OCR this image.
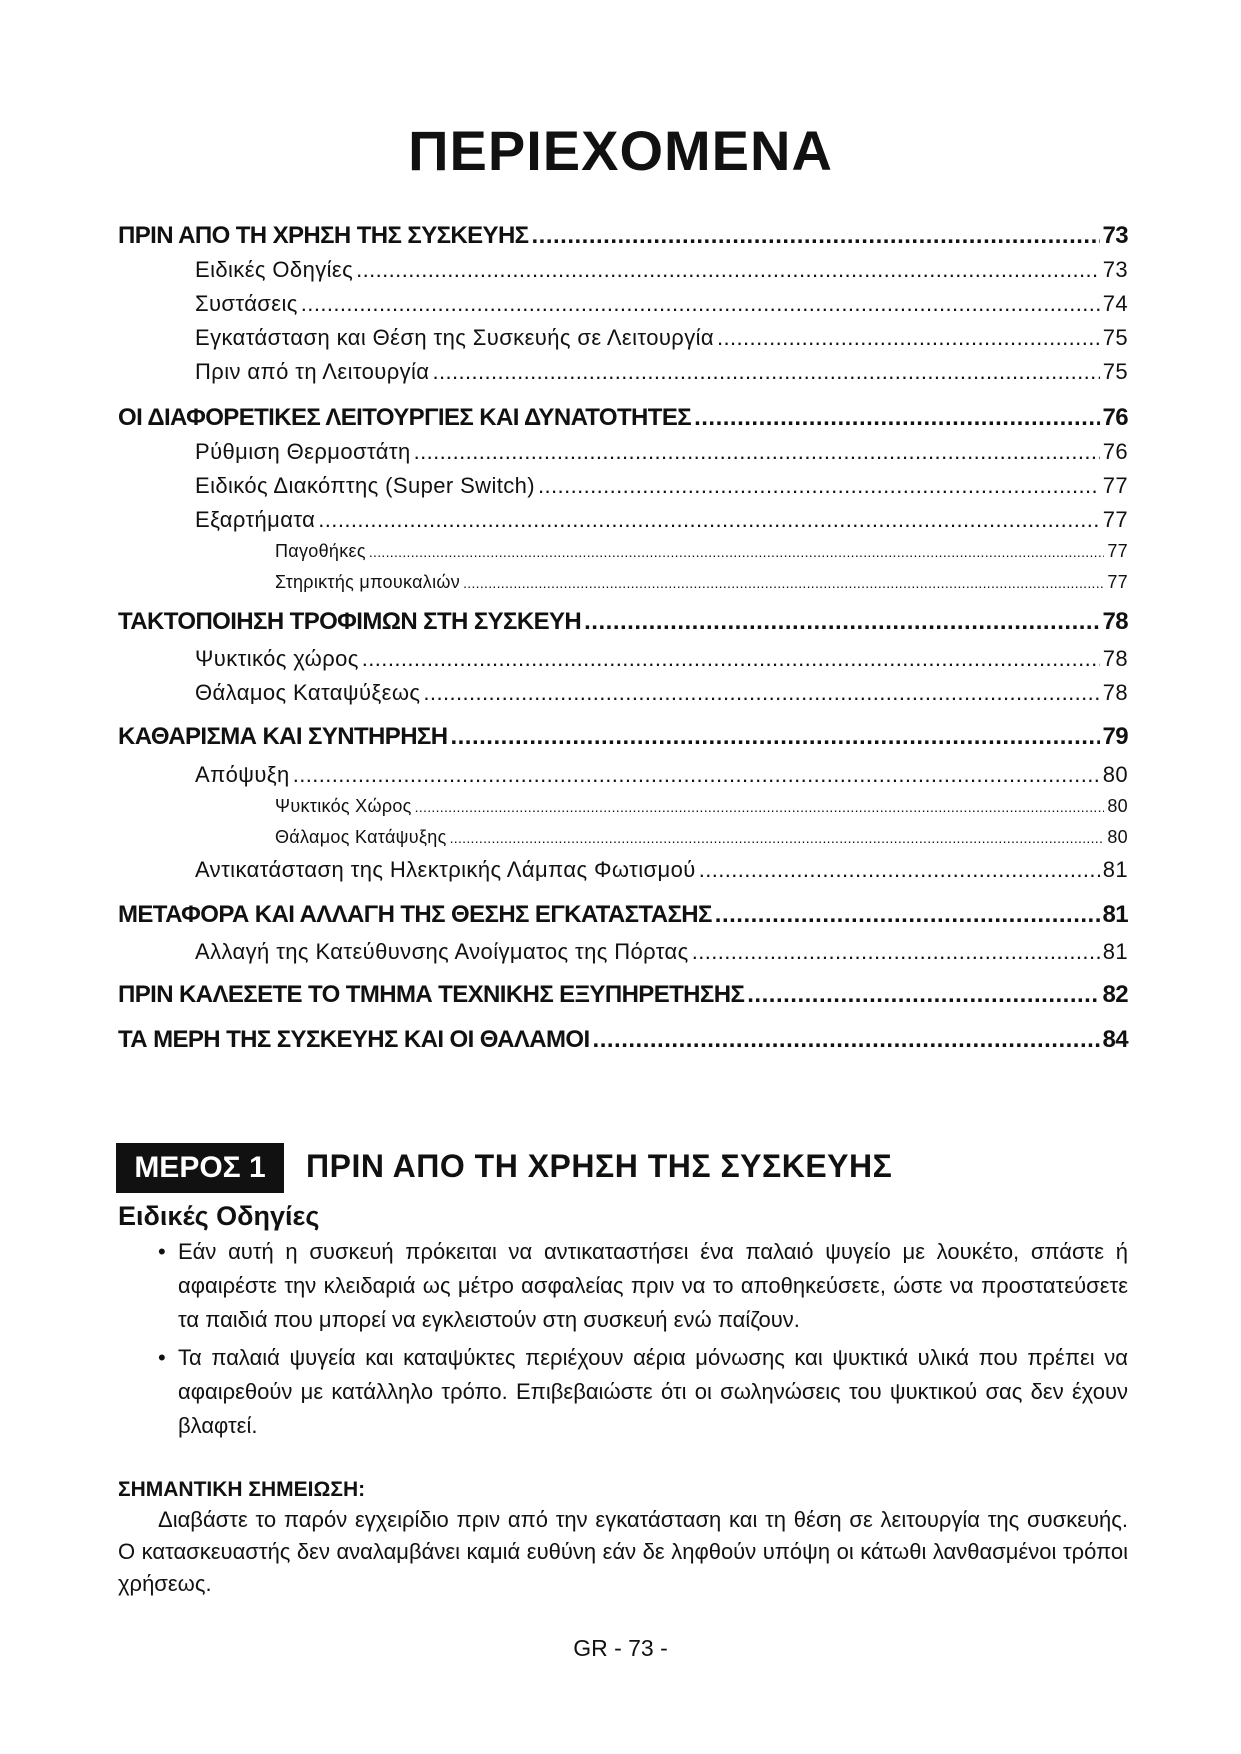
ΠΕΡΙΕΧΟΜΕΝΑ
ΠΡΙΝ ΑΠΟ ΤΗ ΧΡΗΣΗ ΤΗΣ ΣΥΣΚΕΥΗΣ .....	73
Ειδικές Οδηγίες .....	73
Συστάσεις .....	74
Εγκατάσταση και Θέση της Συσκευής σε Λειτουργία .....	75
Πριν από τη Λειτουργία .....	75
ΟΙ ΔΙΑΦΟΡΕΤΙΚΕΣ ΛΕΙΤΟΥΡΓΙΕΣ ΚΑΙ ΔΥΝΑΤΟΤΗΤΕΣ .....	76
Ρύθμιση Θερμοστάτη .....	76
Ειδικός Διακόπτης (Super Switch) .....	77
Εξαρτήματα .....	77
Παγοθήκες .....	77
Στηρικτής μπουκαλιών .....	77
ΤΑΚΤΟΠΟΙΗΣΗ ΤΡΟΦΙΜΩΝ ΣΤΗ ΣΥΣΚΕΥΗ .....	78
Ψυκτικός χώρος .....	78
Θάλαμος Καταψύξεως .....	78
ΚΑΘΑΡΙΣΜΑ ΚΑΙ ΣΥΝΤΗΡΗΣΗ .....	79
Απόψυξη .....	80
Ψυκτικός Χώρος .....	80
Θάλαμος Κατάψυξης .....	80
Αντικατάσταση της Ηλεκτρικής Λάμπας Φωτισμού .....	81
ΜΕΤΑΦΟΡΑ ΚΑΙ ΑΛΛΑΓΗ ΤΗΣ ΘΕΣΗΣ ΕΓΚΑΤΑΣΤΑΣΗΣ .....	81
Αλλαγή της Κατεύθυνσης Ανοίγματος της Πόρτας .....	81
ΠΡΙΝ ΚΑΛΕΣΕΤΕ ΤΟ ΤΜΗΜΑ ΤΕΧΝΙΚΗΣ ΕΞΥΠΗΡΕΤΗΣΗΣ .....	82
ΤΑ ΜΕΡΗ ΤΗΣ ΣΥΣΚΕΥΗΣ ΚΑΙ ΟΙ ΘΑΛΑΜΟΙ .....	84
ΜΕΡΟΣ 1	ΠΡΙΝ ΑΠΟ ΤΗ ΧΡΗΣΗ ΤΗΣ ΣΥΣΚΕΥΗΣ
Ειδικές Οδηγίες
• Εάν αυτή η συσκευή πρόκειται να αντικαταστήσει ένα παλαιό ψυγείο με λουκέτο, σπάστε ή αφαιρέστε την κλειδαριά ως μέτρο ασφαλείας πριν να το αποθηκεύσετε, ώστε να προστατεύσετε τα παιδιά που μπορεί να εγκλειστούν στη συσκευή ενώ παίζουν.
• Τα παλαιά ψυγεία και καταψύκτες περιέχουν αέρια μόνωσης και ψυκτικά υλικά που πρέπει να αφαιρεθούν με κατάλληλο τρόπο. Επιβεβαιώστε ότι οι σωληνώσεις του ψυκτικού σας δεν έχουν βλαφτεί.
ΣΗΜΑΝΤΙΚΗ ΣΗΜΕΙΩΣΗ:

Διαβάστε το παρόν εγχειρίδιο πριν από την εγκατάσταση και τη θέση σε λειτουργία της συσκευής. Ο κατασκευαστής δεν αναλαμβάνει καμιά ευθύνη εάν δε ληφθούν υπόψη οι κάτωθι λανθασμένοι τρόποι χρήσεως.

GR - 73 -
